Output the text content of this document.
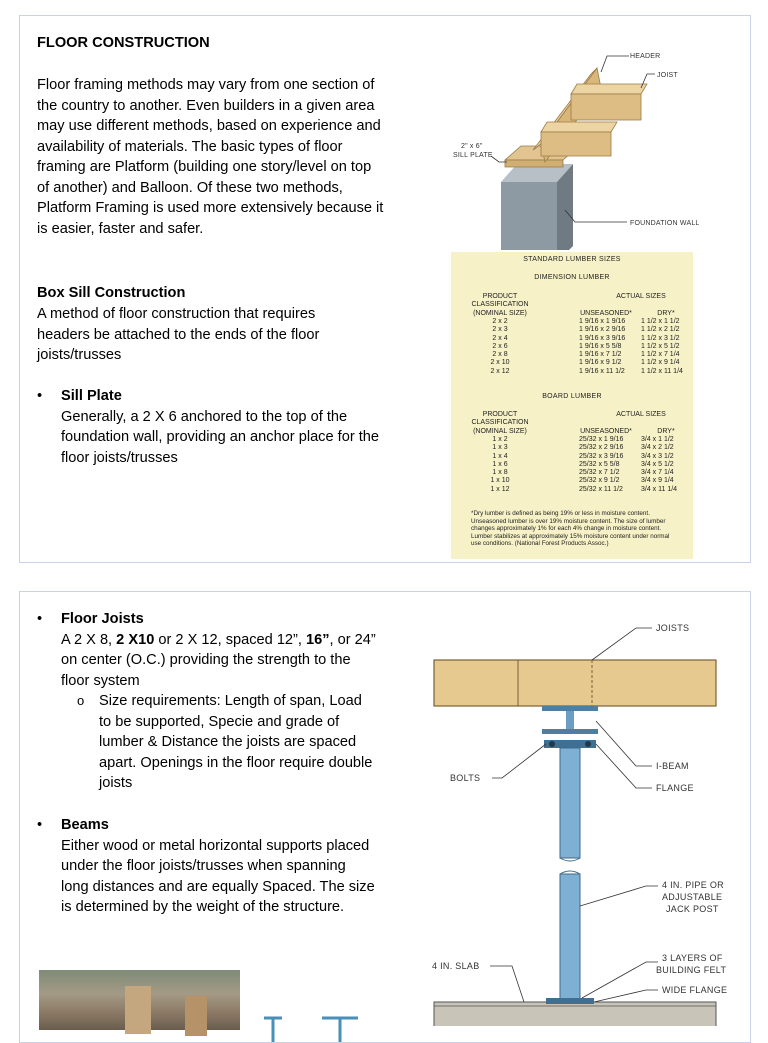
FLOOR CONSTRUCTION
Floor framing methods may vary from one section of the country to another. Even builders in a given area may use different methods, based on experience and availability of materials. The basic types of floor framing are Platform (building one story/level on top of another) and Balloon. Of these two methods, Platform Framing is used more extensively because it is easier, faster and safer.
Box Sill Construction
A method of floor construction that requires headers be attached to the ends of the floor joists/trusses
• Sill Plate
Generally, a 2 X 6 anchored to the top of the foundation wall, providing an anchor place for the floor joists/trusses
HEADER
JOIST
2" x 6"
SILL PLATE
FOUNDATION WALL
STANDARD LUMBER SIZES
DIMENSION LUMBER
PRODUCT
CLASSIFICATION
(NOMINAL SIZE)
ACTUAL SIZES
UNSEASONED*	DRY*
2 x 2
2 x 3
2 x 4
2 x 6
2 x 8
2 x 10
2 x 12
1 9/16 x 1 9/16
1 9/16 x 2 9/16
1 9/16 x 3 9/16
1 9/16 x 5 5/8
1 9/16 x 7 1/2
1 9/16 x 9 1/2
1 9/16 x 11 1/2
1 1/2 x 1 1/2
1 1/2 x 2 1/2
1 1/2 x 3 1/2
1 1/2 x 5 1/2
1 1/2 x 7 1/4
1 1/2 x 9 1/4
1 1/2 x 11 1/4
BOARD LUMBER
PRODUCT
CLASSIFICATION
(NOMINAL SIZE)
ACTUAL SIZES
UNSEASONED*	DRY*
1 x 2
1 x 3
1 x 4
1 x 6
1 x 8
1 x 10
1 x 12
25/32 x 1 9/16
25/32 x 2 9/16
25/32 x 3 9/16
25/32 x 5 5/8
25/32 x 7 1/2
25/32 x 9 1/2
25/32 x 11 1/2
3/4 x 1 1/2
3/4 x 2 1/2
3/4 x 3 1/2
3/4 x 5 1/2
3/4 x 7 1/4
3/4 x 9 1/4
3/4 x 11 1/4
*Dry lumber is defined as being 19% or less in moisture content. Unseasoned lumber is over 19% moisture content. The size of lumber changes approximately 1% for each 4% change in moisture content. Lumber stabilizes at approximately 15% moisture content under normal use conditions. (National Forest Products Assoc.)
• Floor Joists
A 2 X 8, 2 X10 or 2 X 12, spaced 12”, 16”, or 24” on center (O.C.) providing the strength to the floor system
o Size requirements: Length of span, Load to be supported, Specie and grade of lumber & Distance the joists are spaced apart. Openings in the floor require double joists
• Beams
Either wood or metal horizontal supports placed under the floor joists/trusses when spanning long distances and are equally Spaced. The size is determined by the weight of the structure.
JOISTS
I-BEAM
BOLTS
FLANGE
4 IN. PIPE OR
ADJUSTABLE
JACK POST
4 IN. SLAB
3 LAYERS OF
BUILDING FELT
WIDE FLANGE
